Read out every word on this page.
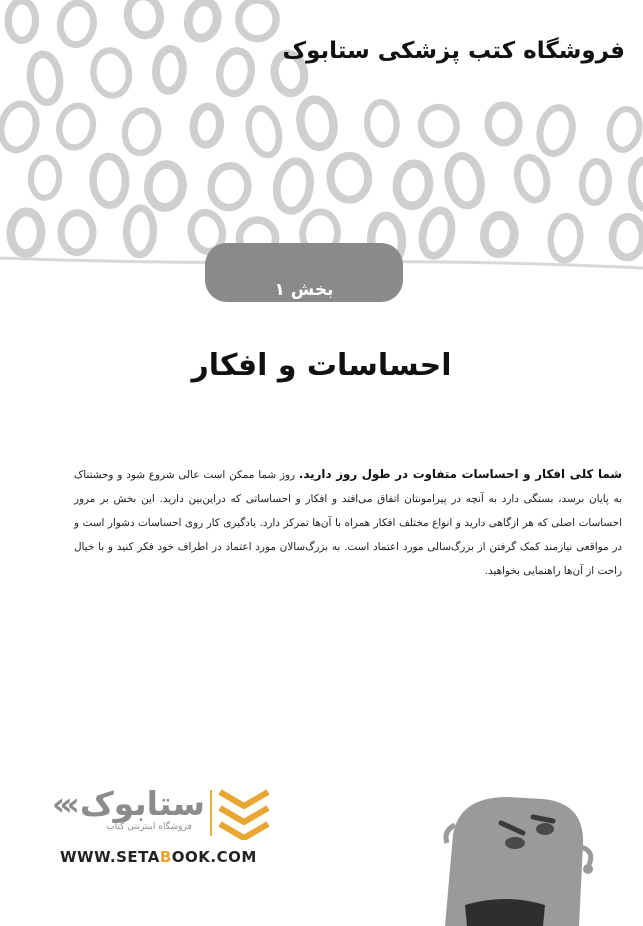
فروشگاه کتب پزشکی ستابوک
بخش ۱
احساسات و افکار
شما کلی افکار و احساسات متفاوت در طول روز دارید. روز شما ممکن است عالی شروع شود و وحشتناک به پایان برسد، بستگی دارد به آنچه در پیرامونتان اتفاق می‌افتد و افکار و احساساتی که دراین‌بین دارید. این بخش بر مرور احساسات اصلی که هر ازگاهی دارید و انواع مختلف افکار همراه با آن‌ها تمرکز دارد. یادگیری کار روی احساسات دشوار است و در مواقعی نیازمند کمک گرفتن از بزرگ‌سالی مورد اعتماد است. به بزرگ‌سالان مورد اعتماد در اطراف خود فکر کنید و با خیال راحت از آن‌ها راهنمایی بخواهید.
«‹ ستابوک
فروشگاه اینترنتی کتاب
WWW.SETABOOK.COM
